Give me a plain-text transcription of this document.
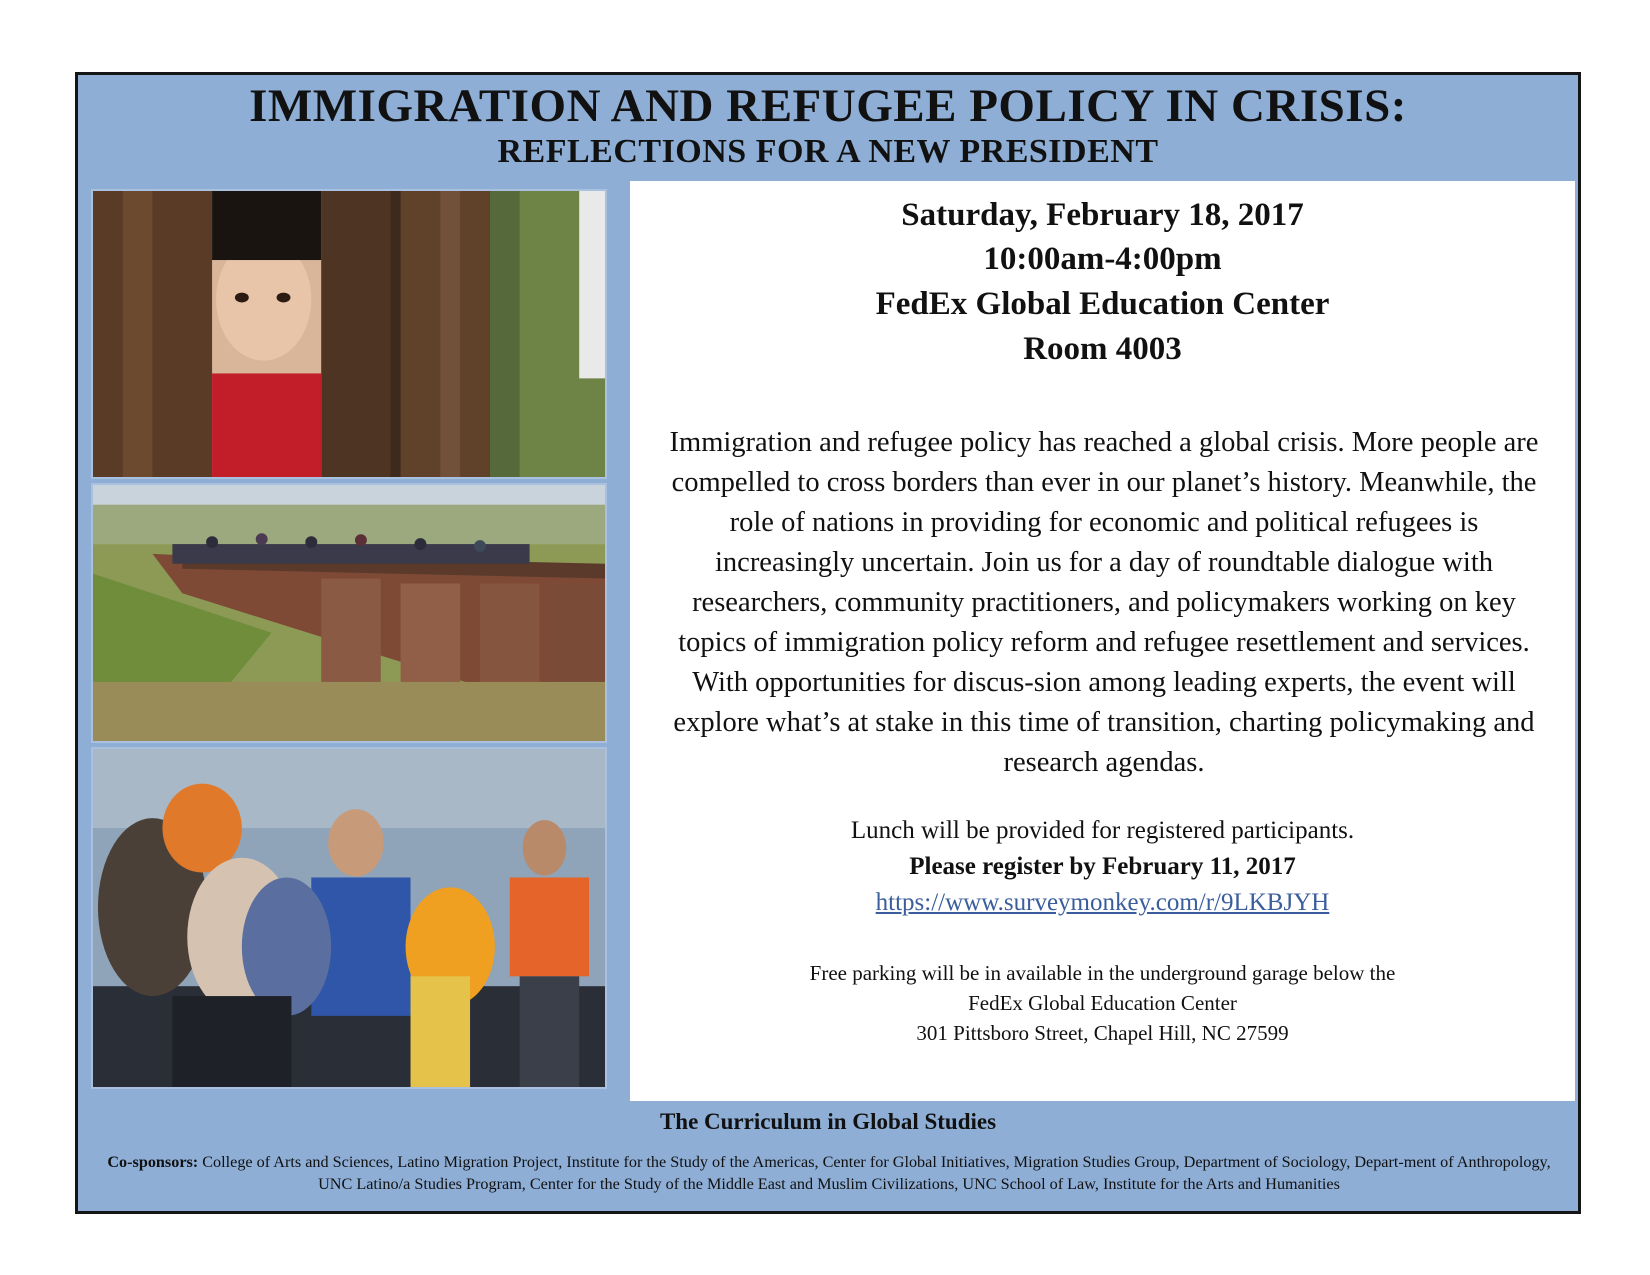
IMMIGRATION AND REFUGEE POLICY IN CRISIS:
REFLECTIONS FOR A NEW PRESIDENT
Saturday, February 18, 2017
10:00am-4:00pm
FedEx Global Education Center
Room 4003
Immigration and refugee policy has reached a global crisis. More people are compelled to cross borders than ever in our planet’s history. Meanwhile, the role of nations in providing for economic and political refugees is increasingly uncertain. Join us for a day of roundtable dialogue with researchers, community practitioners, and policymakers working on key topics of immigration policy reform and refugee resettlement and services. With opportunities for discus-sion among leading experts, the event will explore what’s at stake in this time of transition, charting policymaking and research agendas.
Lunch will be provided for registered participants.
Please register by February 11, 2017
https://www.surveymonkey.com/r/9LKBJYH
Free parking will be in available in the underground garage below the
FedEx Global Education Center
301 Pittsboro Street, Chapel Hill, NC 27599
The Curriculum in Global Studies
Co-sponsors: College of Arts and Sciences, Latino Migration Project, Institute for the Study of the Americas, Center for Global Initiatives, Migration Studies Group, Department of Sociology, Depart-ment of Anthropology, UNC Latino/a Studies Program, Center for the Study of the Middle East and Muslim Civilizations, UNC School of Law, Institute for the Arts and Humanities
